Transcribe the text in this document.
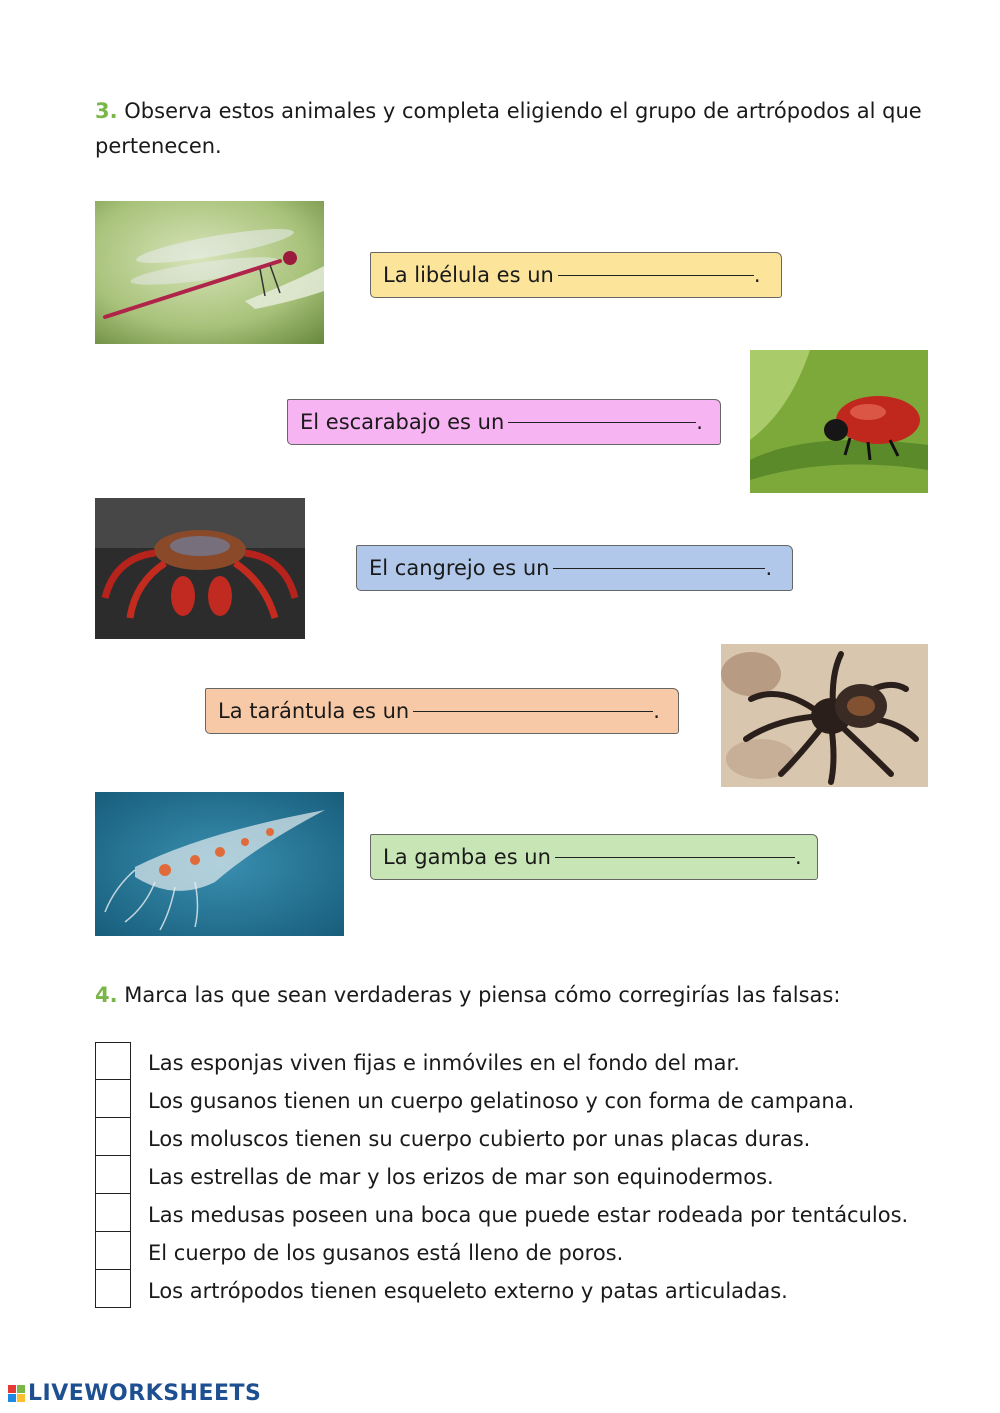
3. Observa estos animales y completa eligiendo el grupo de artrópodos al que pertenecen.
La libélula es un	.
El escarabajo es un	.
El cangrejo es un	.
La tarántula es un	.
La gamba es un	.
4. Marca las que sean verdaderas y piensa cómo corregirías las falsas:
Las esponjas viven fijas e inmóviles en el fondo del mar.
Los gusanos tienen un cuerpo gelatinoso y con forma de campana.
Los moluscos tienen su cuerpo cubierto por unas placas duras.
Las estrellas de mar y los erizos de mar son equinodermos.
Las medusas poseen una boca que puede estar rodeada por tentáculos.
El cuerpo de los gusanos está lleno de poros.
Los artrópodos tienen esqueleto externo y patas articuladas.
LIVEWORKSHEETS
